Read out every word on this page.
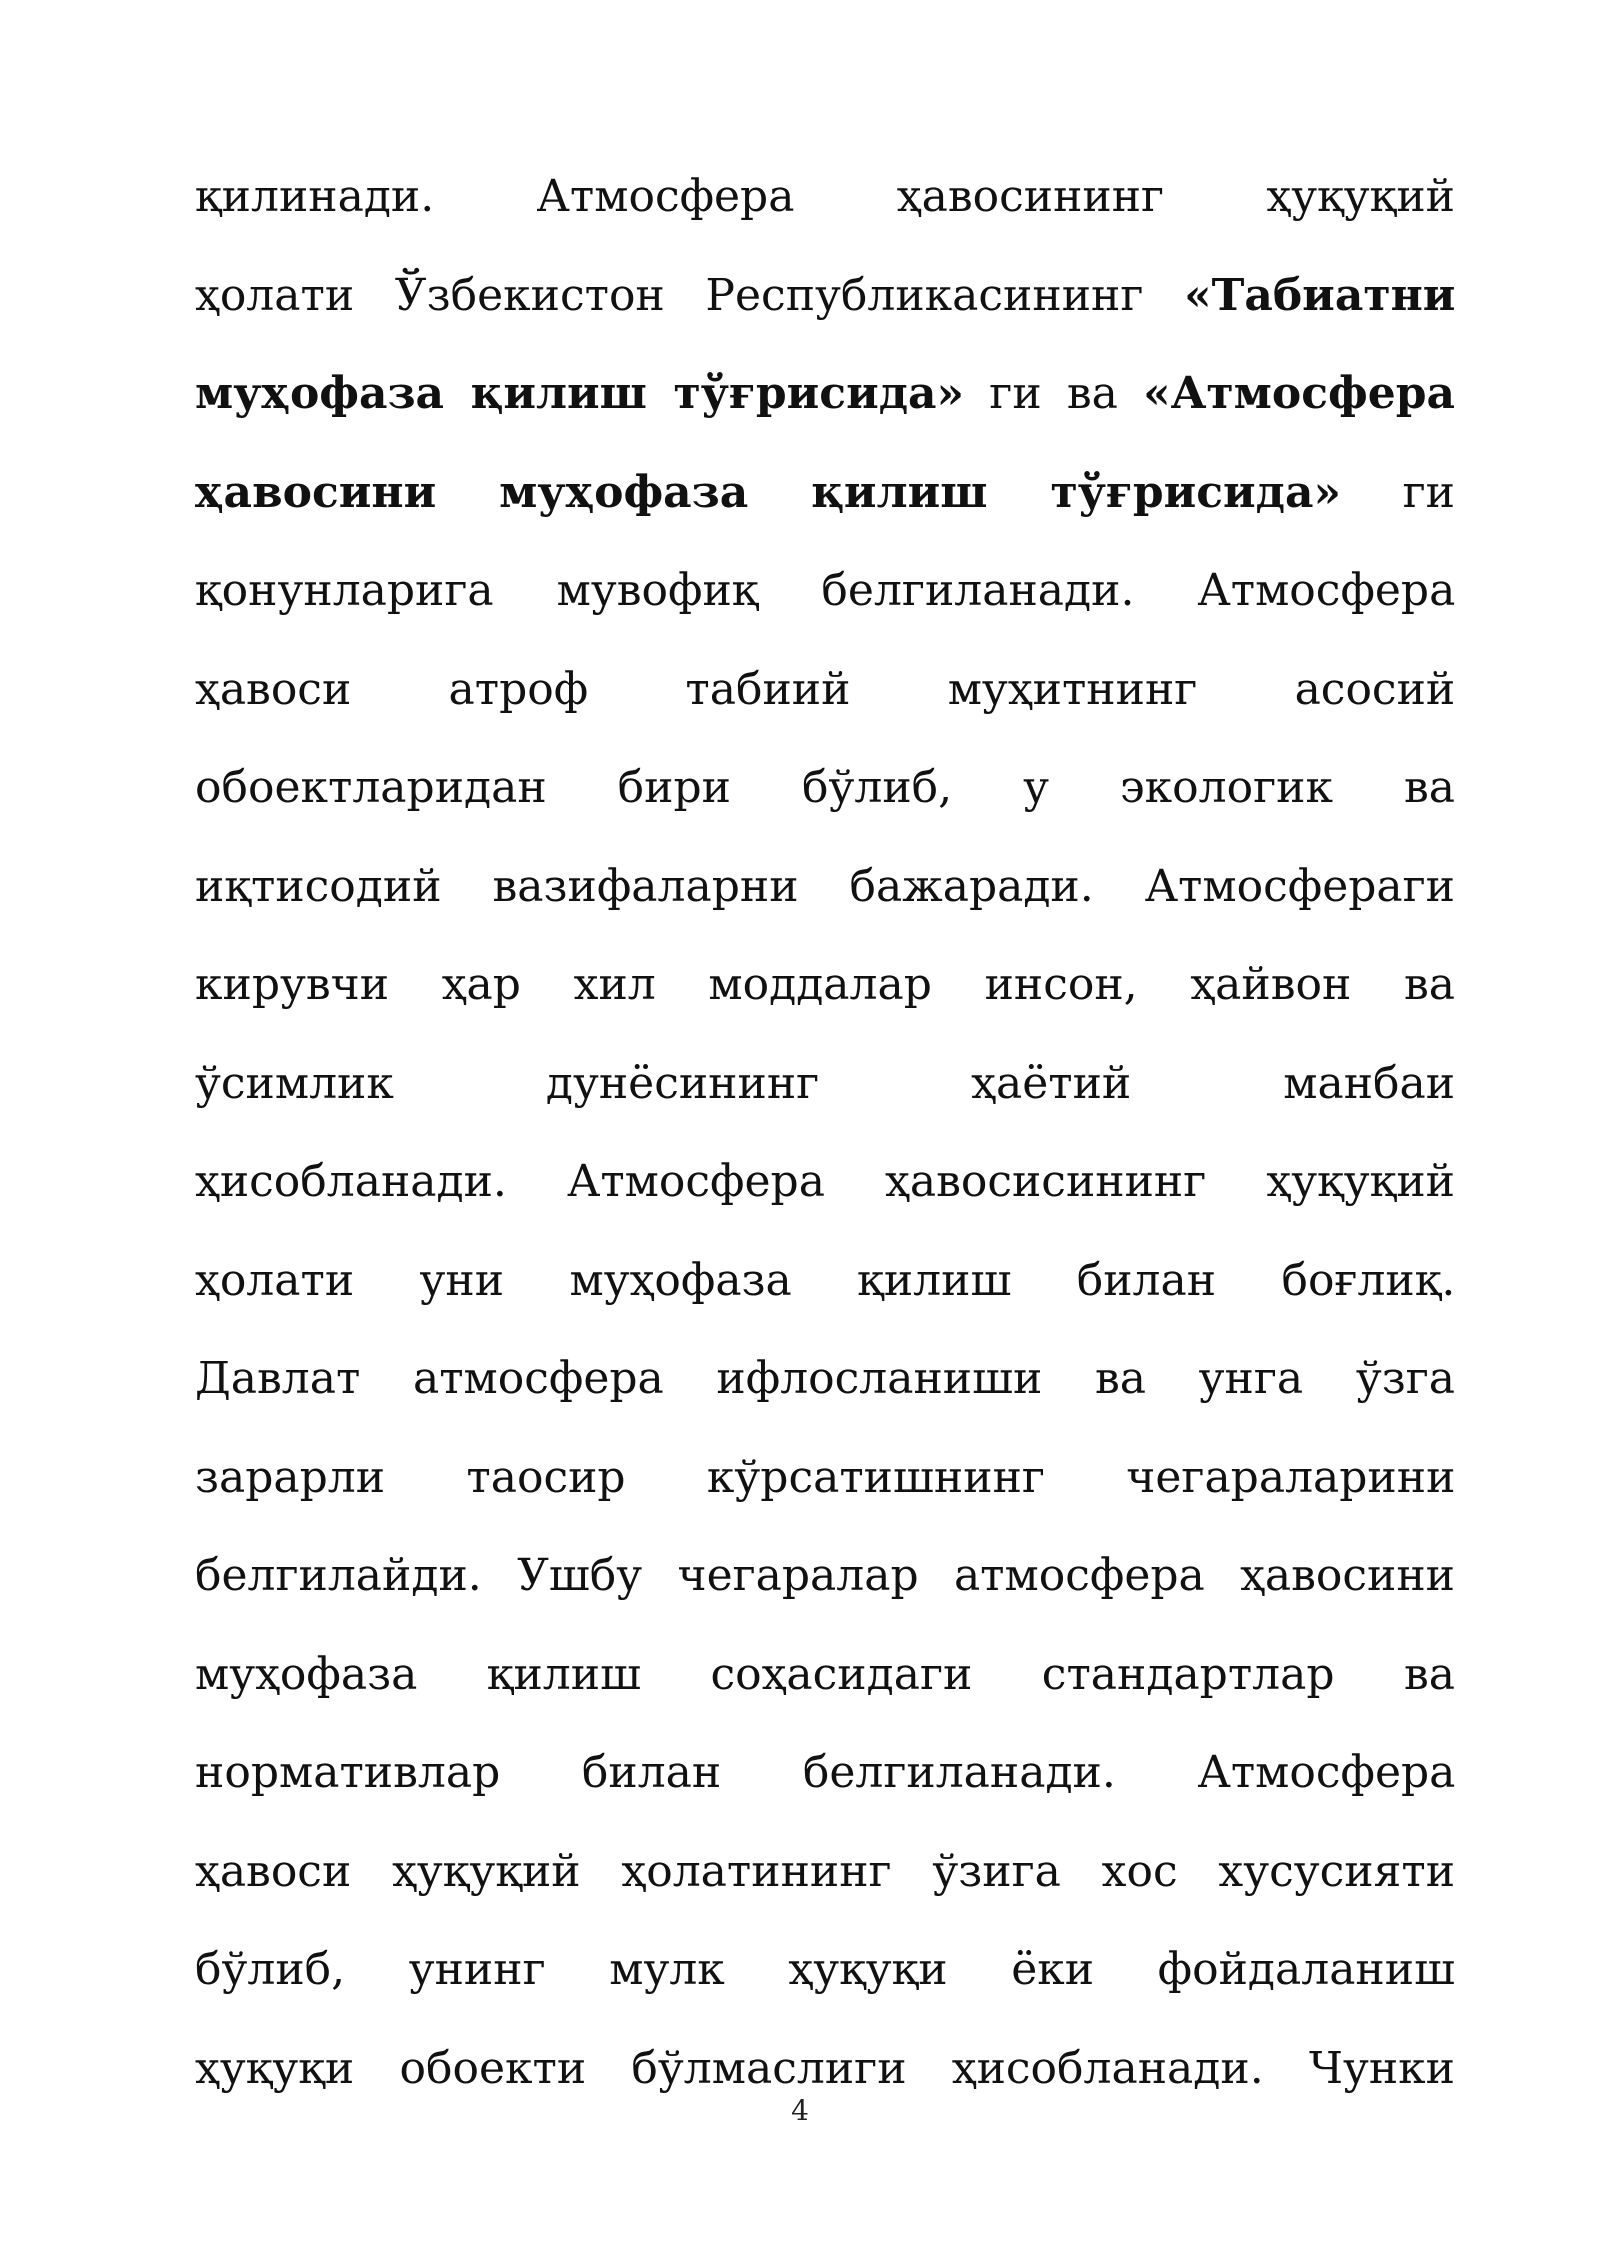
қилинади. Атмосфера ҳавосининг ҳуқуқий
ҳолати Ўзбекистон Республикасининг «Табиатни
муҳофаза қилиш тўғрисида» ги ва «Атмосфера
ҳавосини муҳофаза қилиш тўғрисида» ги
қонунларига мувофиқ белгиланади. Атмосфера
ҳавоси атроф табиий муҳитнинг асосий
обоектларидан бири бўлиб, у экологик ва
иқтисодий вазифаларни бажаради. Атмосфераги
кирувчи ҳар хил моддалар инсон, ҳайвон ва
ўсимлик дунёсининг ҳаётий манбаи
ҳисобланади. Атмосфера ҳавосисининг ҳуқуқий
ҳолати уни муҳофаза қилиш билан боғлиқ.
Давлат атмосфера ифлосланиши ва унга ўзга
зарарли таосир кўрсатишнинг чегараларини
белгилайди. Ушбу чегаралар атмосфера ҳавосини
муҳофаза қилиш соҳасидаги стандартлар ва
нормативлар билан белгиланади. Атмосфера
ҳавоси ҳуқуқий ҳолатининг ўзига хос хусусияти
бўлиб, унинг мулк ҳуқуқи ёки фойдаланиш
ҳуқуқи обоекти бўлмаслиги ҳисобланади. Чунки
4
